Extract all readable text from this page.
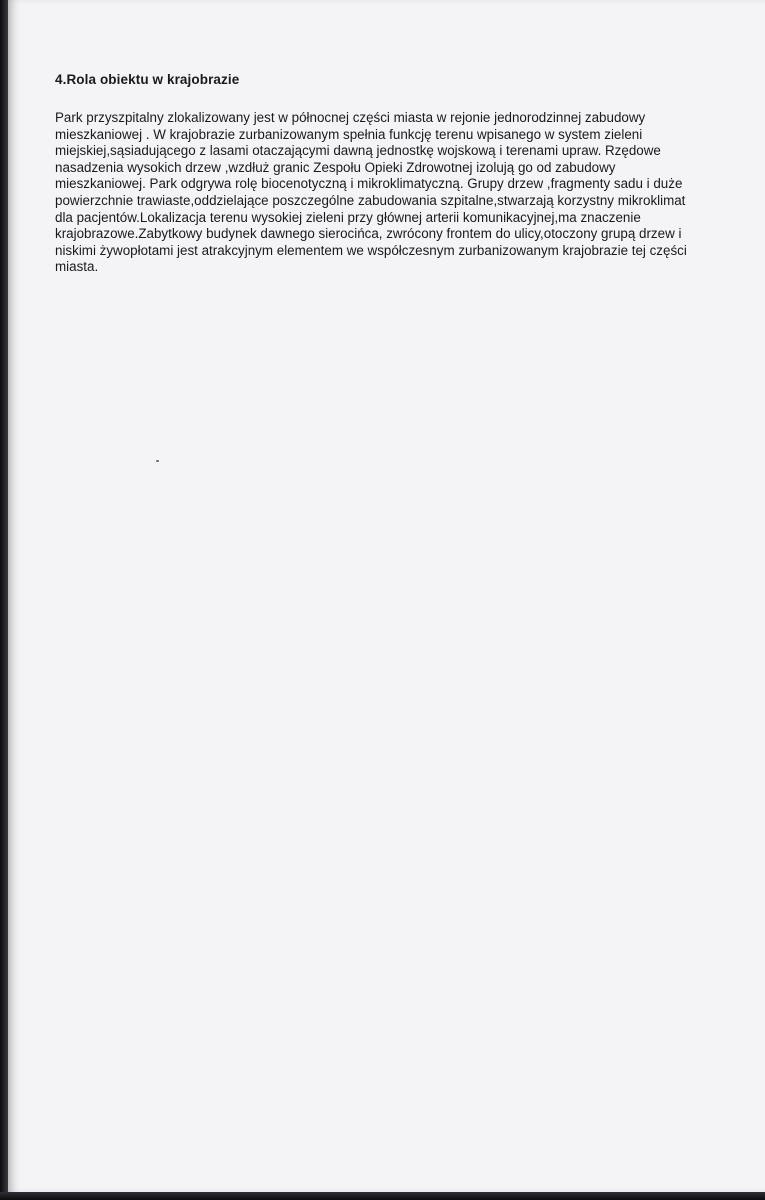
4.Rola obiektu w krajobrazie

Park przyszpitalny zlokalizowany jest w północnej części miasta w rejonie jednorodzinnej zabudowy mieszkaniowej . W krajobrazie zurbanizowanym spełnia funkcję terenu wpisanego w system zieleni miejskiej,sąsiadującego z lasami otaczającymi dawną jednostkę wojskową i terenami upraw. Rzędowe nasadzenia wysokich drzew ,wzdłuż granic Zespołu Opieki Zdrowotnej izolują go od zabudowy mieszkaniowej. Park odgrywa rolę biocenotyczną i mikroklimatyczną. Grupy drzew ,fragmenty sadu i duże powierzchnie trawiaste,oddzielające poszczególne zabudowania szpitalne,stwarzają korzystny mikroklimat dla pacjentów.Lokalizacja terenu wysokiej zieleni przy głównej arterii komunikacyjnej,ma znaczenie krajobrazowe.Zabytkowy budynek dawnego sierocińca, zwrócony frontem do ulicy,otoczony grupą drzew i niskimi żywopłotami jest atrakcyjnym elementem we współczesnym zurbanizowanym krajobrazie tej części miasta.
